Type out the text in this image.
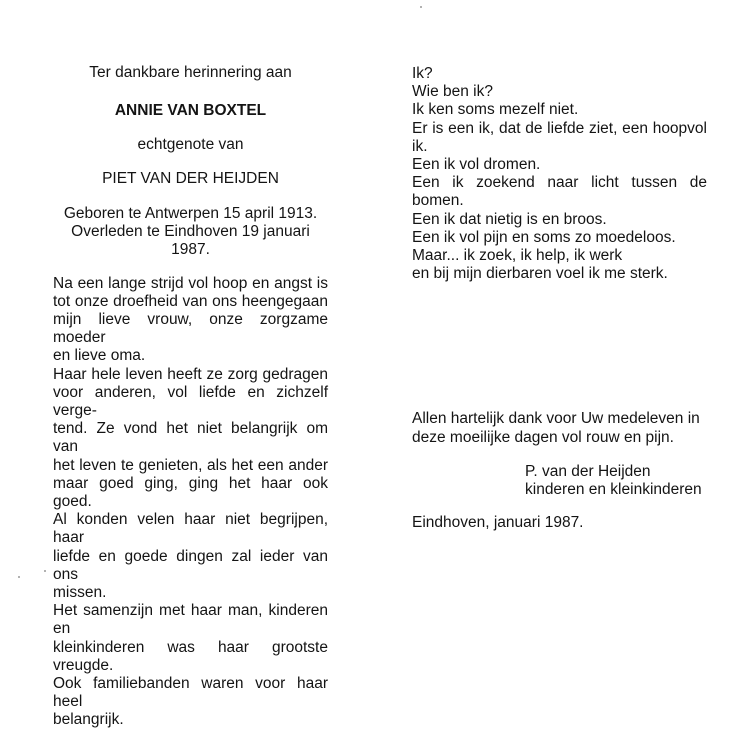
Ter dankbare herinnering aan
ANNIE VAN BOXTEL
echtgenote van
PIET VAN DER HEIJDEN
Geboren te Antwerpen 15 april 1913.
Overleden te Eindhoven 19 januari 1987.
Na een lange strijd vol hoop en angst is
tot onze droefheid van ons heengegaan
mijn lieve vrouw, onze zorgzame moeder
en lieve oma.
Haar hele leven heeft ze zorg gedragen
voor anderen, vol liefde en zichzelf verge-
tend. Ze vond het niet belangrijk om van
het leven te genieten, als het een ander
maar goed ging, ging het haar ook goed.
Al konden velen haar niet begrijpen, haar
liefde en goede dingen zal ieder van ons
missen.
Het samenzijn met haar man, kinderen en
kleinkinderen was haar grootste vreugde.
Ook familiebanden waren voor haar heel
belangrijk.
Ik?
Wie ben ik?
Ik ken soms mezelf niet.
Er is een ik, dat de liefde ziet, een hoopvol
ik.
Een ik vol dromen.
Een ik zoekend naar licht tussen de
bomen.
Een ik dat nietig is en broos.
Een ik vol pijn en soms zo moedeloos.
Maar... ik zoek, ik help, ik werk
en bij mijn dierbaren voel ik me sterk.
Allen hartelijk dank voor Uw medeleven in
deze moeilijke dagen vol rouw en pijn.
P. van der Heijden
kinderen en kleinkinderen
Eindhoven, januari 1987.
